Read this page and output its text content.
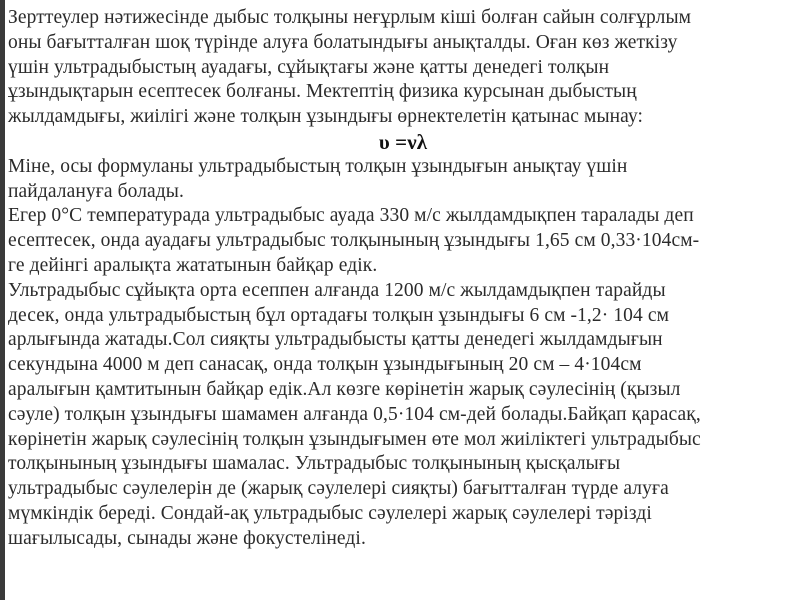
Зерттеулер нәтижесінде дыбыс толқыны неғұрлым кіші болған сайын солғұрлым
оны бағытталған шоқ түрінде алуға болатындығы анықталды. Оған көз жеткізу
үшін ультрадыбыстың ауадағы, сұйықтағы және қатты денедегі толқын
ұзындықтарын есептесек болғаны. Мектептің физика курсынан дыбыстың
жылдамдығы, жиілігі және толқын ұзындығы өрнектелетін қатынас мынау:
υ =νλ
Міне, осы формуланы ультрадыбыстың толқын ұзындығын анықтау үшін
пайдалануға болады.
Егер 0°С температурада ультрадыбыс ауада 330 м/с жылдамдықпен таралады деп
есептесек, онда ауадағы ультрадыбыс толқынының ұзындығы 1,65 см 0,33·104см-
ге дейінгі аралықта жататынын байқар едік.
Ультрадыбыс сұйықта орта есеппен алғанда 1200 м/с жылдамдықпен тарайды
десек, онда ультрадыбыстың бұл ортадағы толқын ұзындығы 6 см -1,2· 104 см
арлығында жатады.Сол сияқты ультрадыбысты қатты денедегі жылдамдығын
секундына 4000 м деп санасақ, онда толқын ұзындығының 20 см – 4·104см
аралығын қамтитынын байқар едік.Ал көзге көрінетін жарық сәулесінің (қызыл
сәуле) толқын ұзындығы шамамен алғанда 0,5·104 см-дей болады.Байқап қарасақ,
көрінетін жарық сәулесінің толқын ұзындығымен өте мол жиіліктегі ультрадыбыс
толқынының ұзындығы шамалас. Ультрадыбыс толқынының қысқалығы
ультрадыбыс сәулелерін де (жарық сәулелері сияқты) бағытталған түрде алуға
мүмкіндік береді. Сондай-ақ ультрадыбыс сәулелері жарық сәулелері тәрізді
шағылысады, сынады және фокустелінеді.
